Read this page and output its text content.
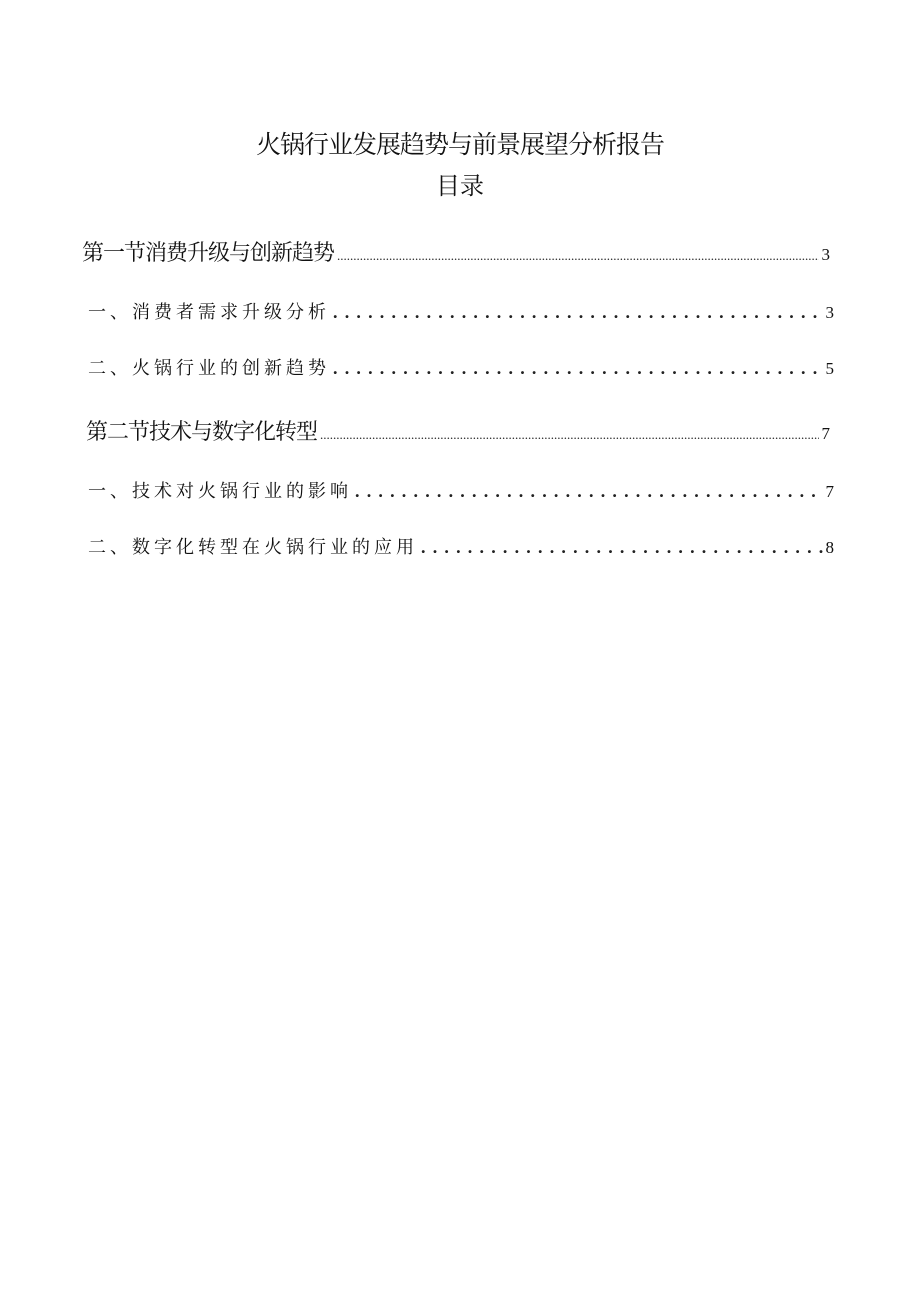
火锅行业发展趋势与前景展望分析报告
目录
第一节消费升级与创新趋势 .....	3
一、消费者需求升级分析 .....	3
二、火锅行业的创新趋势 .....	5
第二节技术与数字化转型 .....	7
一、技术对火锅行业的影响 .....	7
二、数字化转型在火锅行业的应用 .....	8
